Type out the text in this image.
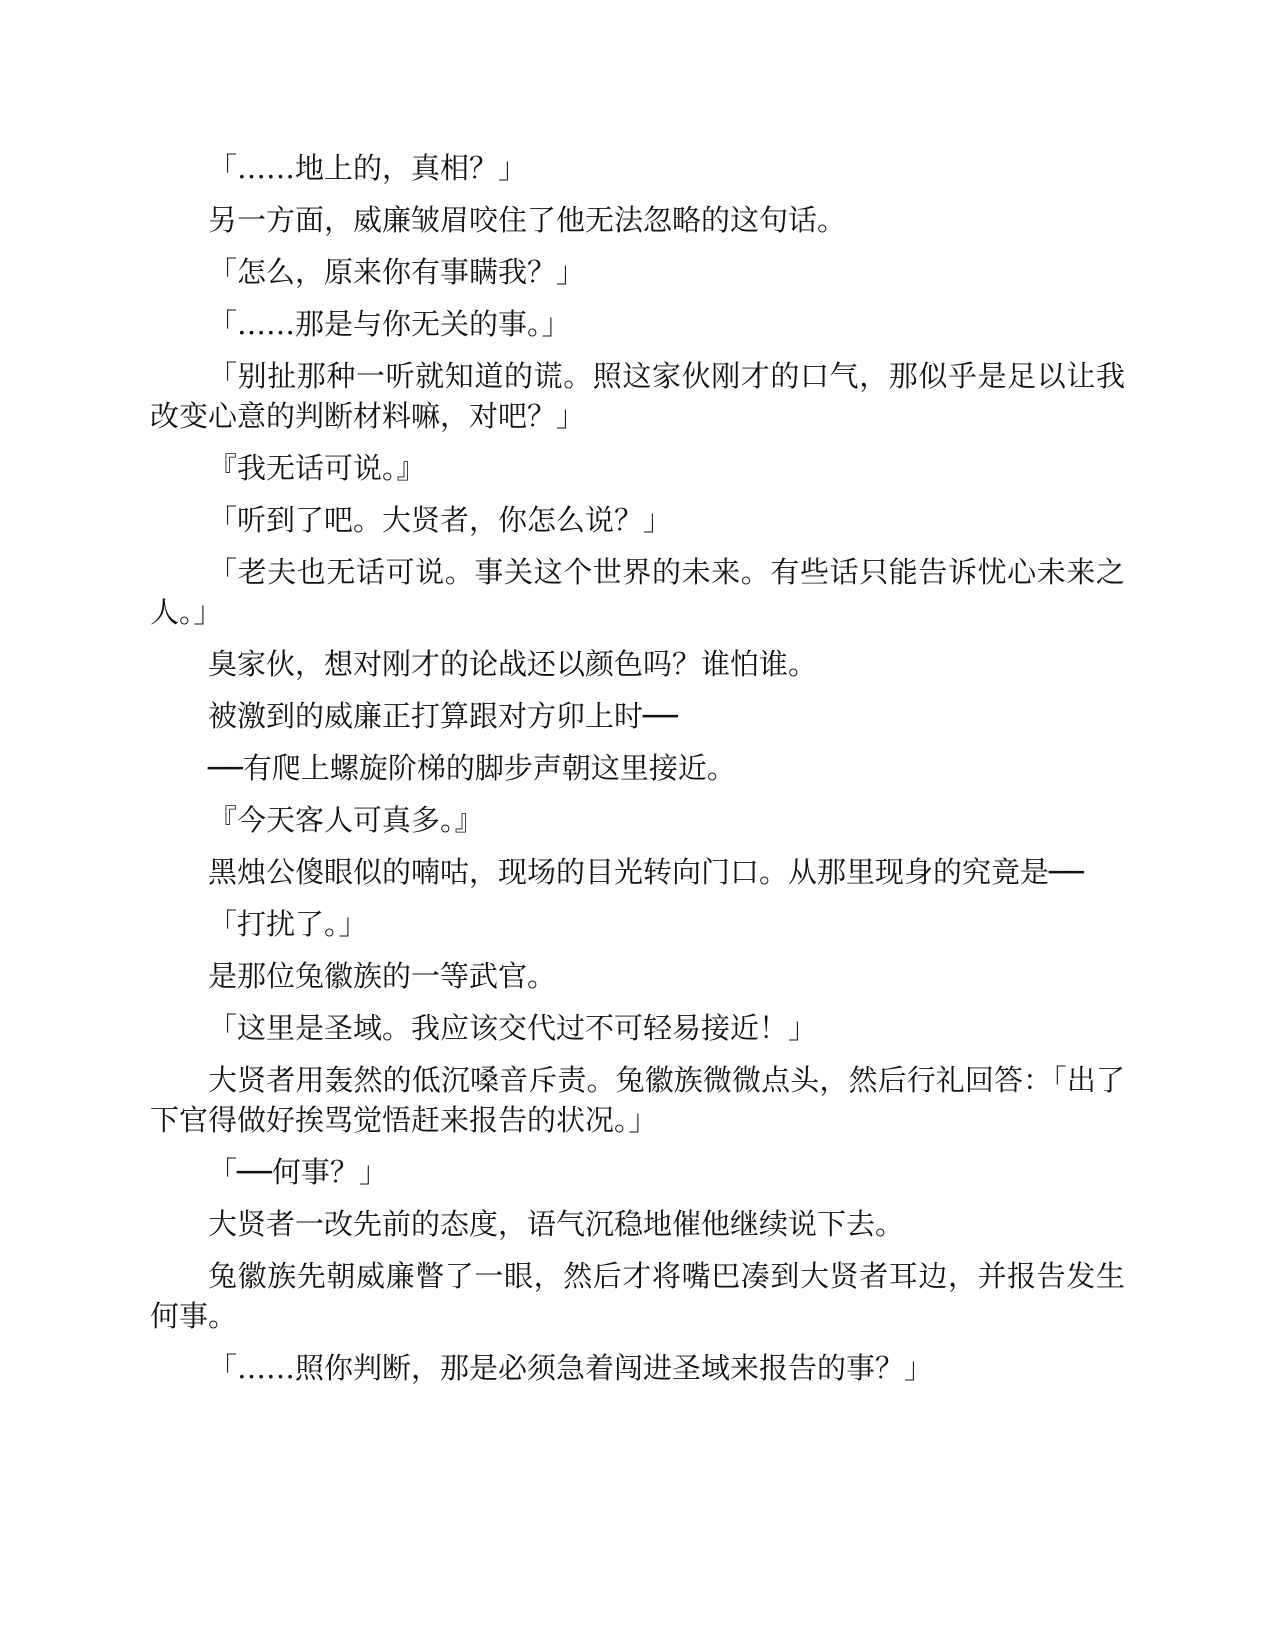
「……地上的，真相？」

另一方面，威廉皱眉咬住了他无法忽略的这句话。

「怎么，原来你有事瞒我？」

「……那是与你无关的事。」

「别扯那种一听就知道的谎。照这家伙刚才的口气，那似乎是足以让我改变心意的判断材料嘛，对吧？」

『我无话可说。』

「听到了吧。大贤者，你怎么说？」

「老夫也无话可说。事关这个世界的未来。有些话只能告诉忧心未来之人。」

臭家伙，想对刚才的论战还以颜色吗？谁怕谁。

被激到的威廉正打算跟对方卯上时──

──有爬上螺旋阶梯的脚步声朝这里接近。

『今天客人可真多。』

黑烛公傻眼似的喃咕，现场的目光转向门口。从那里现身的究竟是──

「打扰了。」

是那位兔徽族的一等武官。

「这里是圣域。我应该交代过不可轻易接近！」

大贤者用轰然的低沉嗓音斥责。兔徽族微微点头，然后行礼回答：「出了下官得做好挨骂觉悟赶来报告的状况。」

「──何事？」

大贤者一改先前的态度，语气沉稳地催他继续说下去。

兔徽族先朝威廉瞥了一眼，然后才将嘴巴凑到大贤者耳边，并报告发生何事。

「……照你判断，那是必须急着闯进圣域来报告的事？」
